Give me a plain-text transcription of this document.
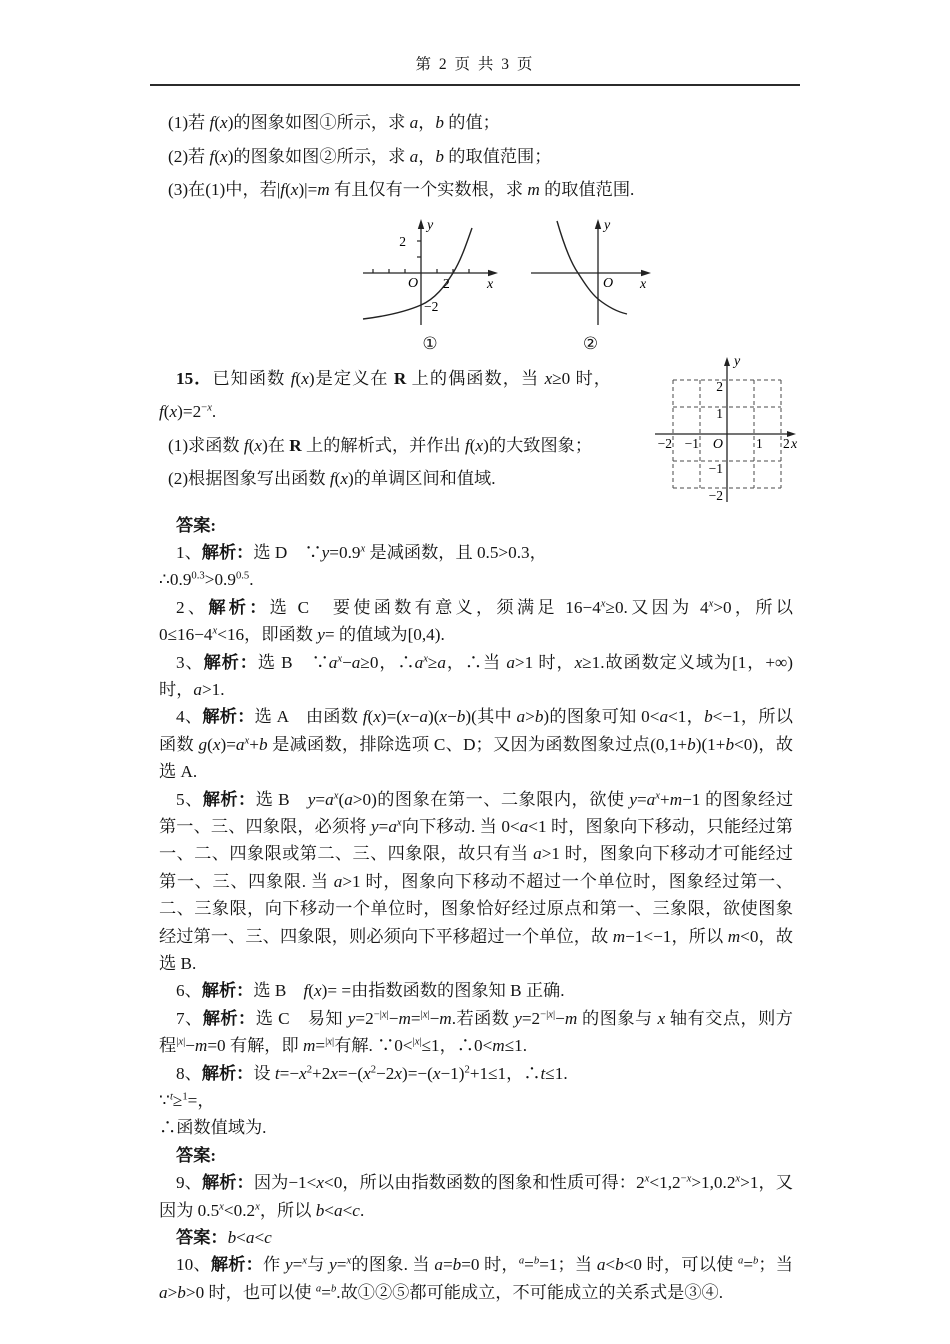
第 2 页 共 3 页

(1)若 f(x)的图象如图①所示，求 a，b 的值；

(2)若 f(x)的图象如图②所示，求 a，b 的取值范围；

(3)在(1)中，若|f(x)|=m 有且仅有一个实数根，求 m 的取值范围.

y
x
O
2
2
−2
①
y
x
O
②
y
x
O
−2 −1	1 2
2
1
−1
−2

15．已知函数 f(x)是定义在 R 上的偶函数，当 x≥0 时，$f(x)=2^{-x}$.

(1)求函数 f(x)在 R 上的解析式，并作出 f(x)的大致图象；

(2)根据图象写出函数 f(x)的单调区间和值域.

答案:

1、解析：选 D　$\because y=0.9^x$ 是减函数，且 0.5>0.3，

$\therefore 0.9^{0.3}>0.9^{0.5}$.

2、解析：选 C　要使函数有意义，须满足 $16-4^x\ge 0$.又因为 $4^x>0$，所以 $0\le 16-4^x<16$，即函数 y= 的值域为[0,4).

3、解析：选 B　$\because a^x-a\ge 0$，$\therefore a^x\ge a$，∴当 a>1 时，x≥1.故函数定义域为[1，+∞)时，a>1.

4、解析：选 A　由函数 f(x)=(x−a)(x−b)(其中 a>b)的图象可知 0<a<1，b<−1，所以函数 $g(x)=a^x+b$ 是减函数，排除选项 C、D；又因为函数图象过点(0,1+b)(1+b<0)，故选 A.

5、解析：选 B　$y=a^x(a>0)$的图象在第一、二象限内，欲使 $y=a^x+m-1$ 的图象经过第一、三、四象限，必须将 $y=a^x$向下移动. 当 0<a<1 时，图象向下移动，只能经过第一、二、四象限或第二、三、四象限，故只有当 a>1 时，图象向下移动才可能经过第一、三、四象限. 当 a>1 时，图象向下移动不超过一个单位时，图象经过第一、二、三象限，向下移动一个单位时，图象恰好经过原点和第一、三象限，欲使图象经过第一、三、四象限，则必须向下平移超过一个单位，故 m−1<−1，所以 m<0，故选 B.

6、解析：选 B　f(x)= =由指数函数的图象知 B 正确.

7、解析：选 C　易知 $y=2^{-|x|}-m=^{|x|}-m$.若函数 $y=2^{-|x|}-m$ 的图象与 x 轴有交点，则方程$^{|x|}$−m=0 有解，即 m=$^{|x|}$有解. ∵0<$^{|x|}$≤1，∴0<m≤1.

8、解析：设 $t=-x^2+2x=-(x^2-2x)=-(x-1)^2+1\le 1$，∴t≤1.

∵$^t$≥$^1$=，

∴函数值域为.

答案:

9、解析：因为−1<x<0，所以由指数函数的图象和性质可得：$2^x<1,2^{-x}>1,0.2^x>1$，又因为 $0.5^x<0.2^x$，所以 b<a<c.

答案：b<a<c

10、解析：作 y=$^x$与 y=$^x$的图象. 当 a=b=0 时，$^a$=$^b$=1；当 a<b<0 时，可以使 $^a$=$^b$；当 a>b>0 时，也可以使 $^a$=$^b$.故①②⑤都可能成立，不可能成立的关系式是③④.
